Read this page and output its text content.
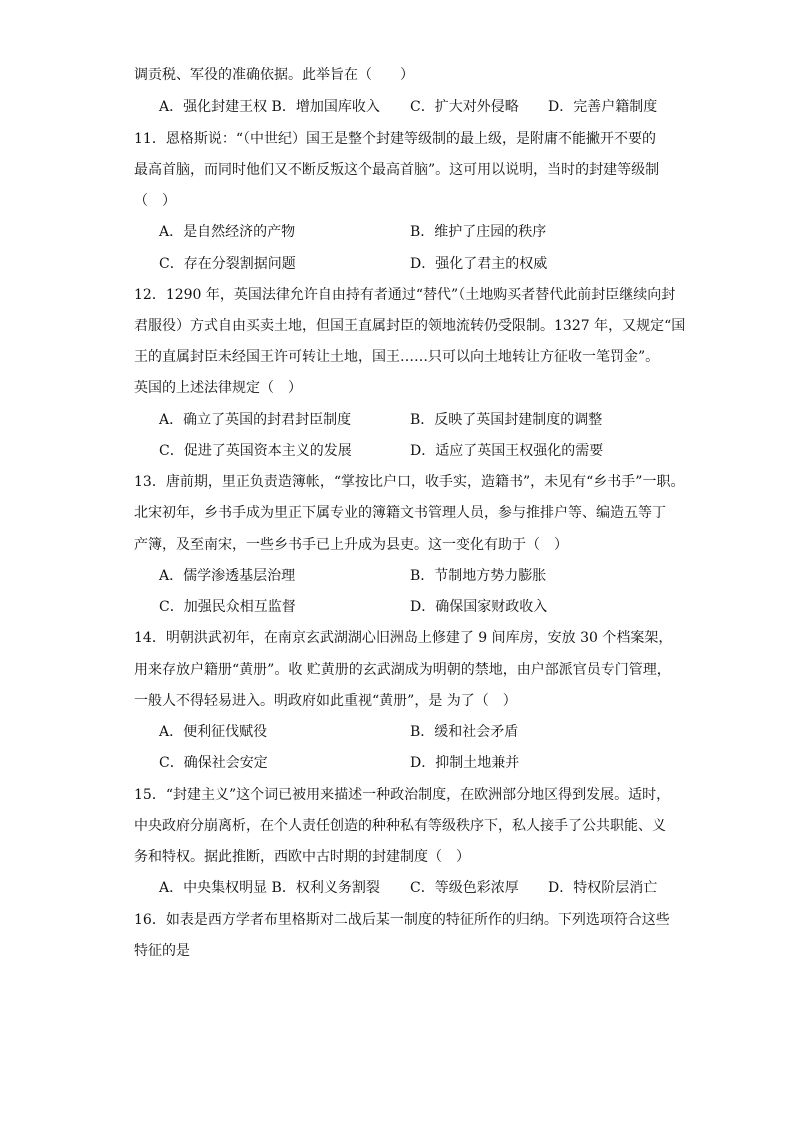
调贡税、军役的准确依据。此举旨在（　　）
A．强化封建王权 B．增加国库收入 C．扩大对外侵略 D．完善户籍制度
11．恩格斯说：“（中世纪）国王是整个封建等级制的最上级，是附庸不能撇开不要的
最高首脑，而同时他们又不断反叛这个最高首脑”。这可用以说明，当时的封建等级制
（　）
A．是自然经济的产物	B．维护了庄园的秩序
C．存在分裂割据问题	D．强化了君主的权威
12．1290 年，英国法律允许自由持有者通过“替代”（土地购买者替代此前封臣继续向封
君服役）方式自由买卖土地，但国王直属封臣的领地流转仍受限制。1327 年，又规定“国
王的直属封臣未经国王许可转让土地，国王……只可以向土地转让方征收一笔罚金”。
英国的上述法律规定（　）
A．确立了英国的封君封臣制度	B．反映了英国封建制度的调整
C．促进了英国资本主义的发展	D．适应了英国王权强化的需要
13．唐前期，里正负责造簿帐，“掌按比户口，收手实，造籍书”，未见有“乡书手”一职。
北宋初年，乡书手成为里正下属专业的簿籍文书管理人员，参与推排户等、编造五等丁
产簿，及至南宋，一些乡书手已上升成为县吏。这一变化有助于（　）
A．儒学渗透基层治理	B．节制地方势力膨胀
C．加强民众相互监督	D．确保国家财政收入
14．明朝洪武初年，在南京玄武湖湖心旧洲岛上修建了 9 间库房，安放 30 个档案架，
用来存放户籍册“黄册”。收 贮黄册的玄武湖成为明朝的禁地，由户部派官员专门管理，
一般人不得轻易进入。明政府如此重视“黄册”，是 为了（　）
A．便利征伐赋役	B．缓和社会矛盾
C．确保社会安定	D．抑制土地兼并
15．“封建主义”这个词已被用来描述一种政治制度，在欧洲部分地区得到发展。适时，
中央政府分崩离析，在个人责任创造的种种私有等级秩序下，私人接手了公共职能、义
务和特权。据此推断，西欧中古时期的封建制度（　）
A．中央集权明显 B．权利义务割裂 C．等级色彩浓厚 D．特权阶层消亡
16．如表是西方学者布里格斯对二战后某一制度的特征所作的归纳。下列选项符合这些
特征的是
